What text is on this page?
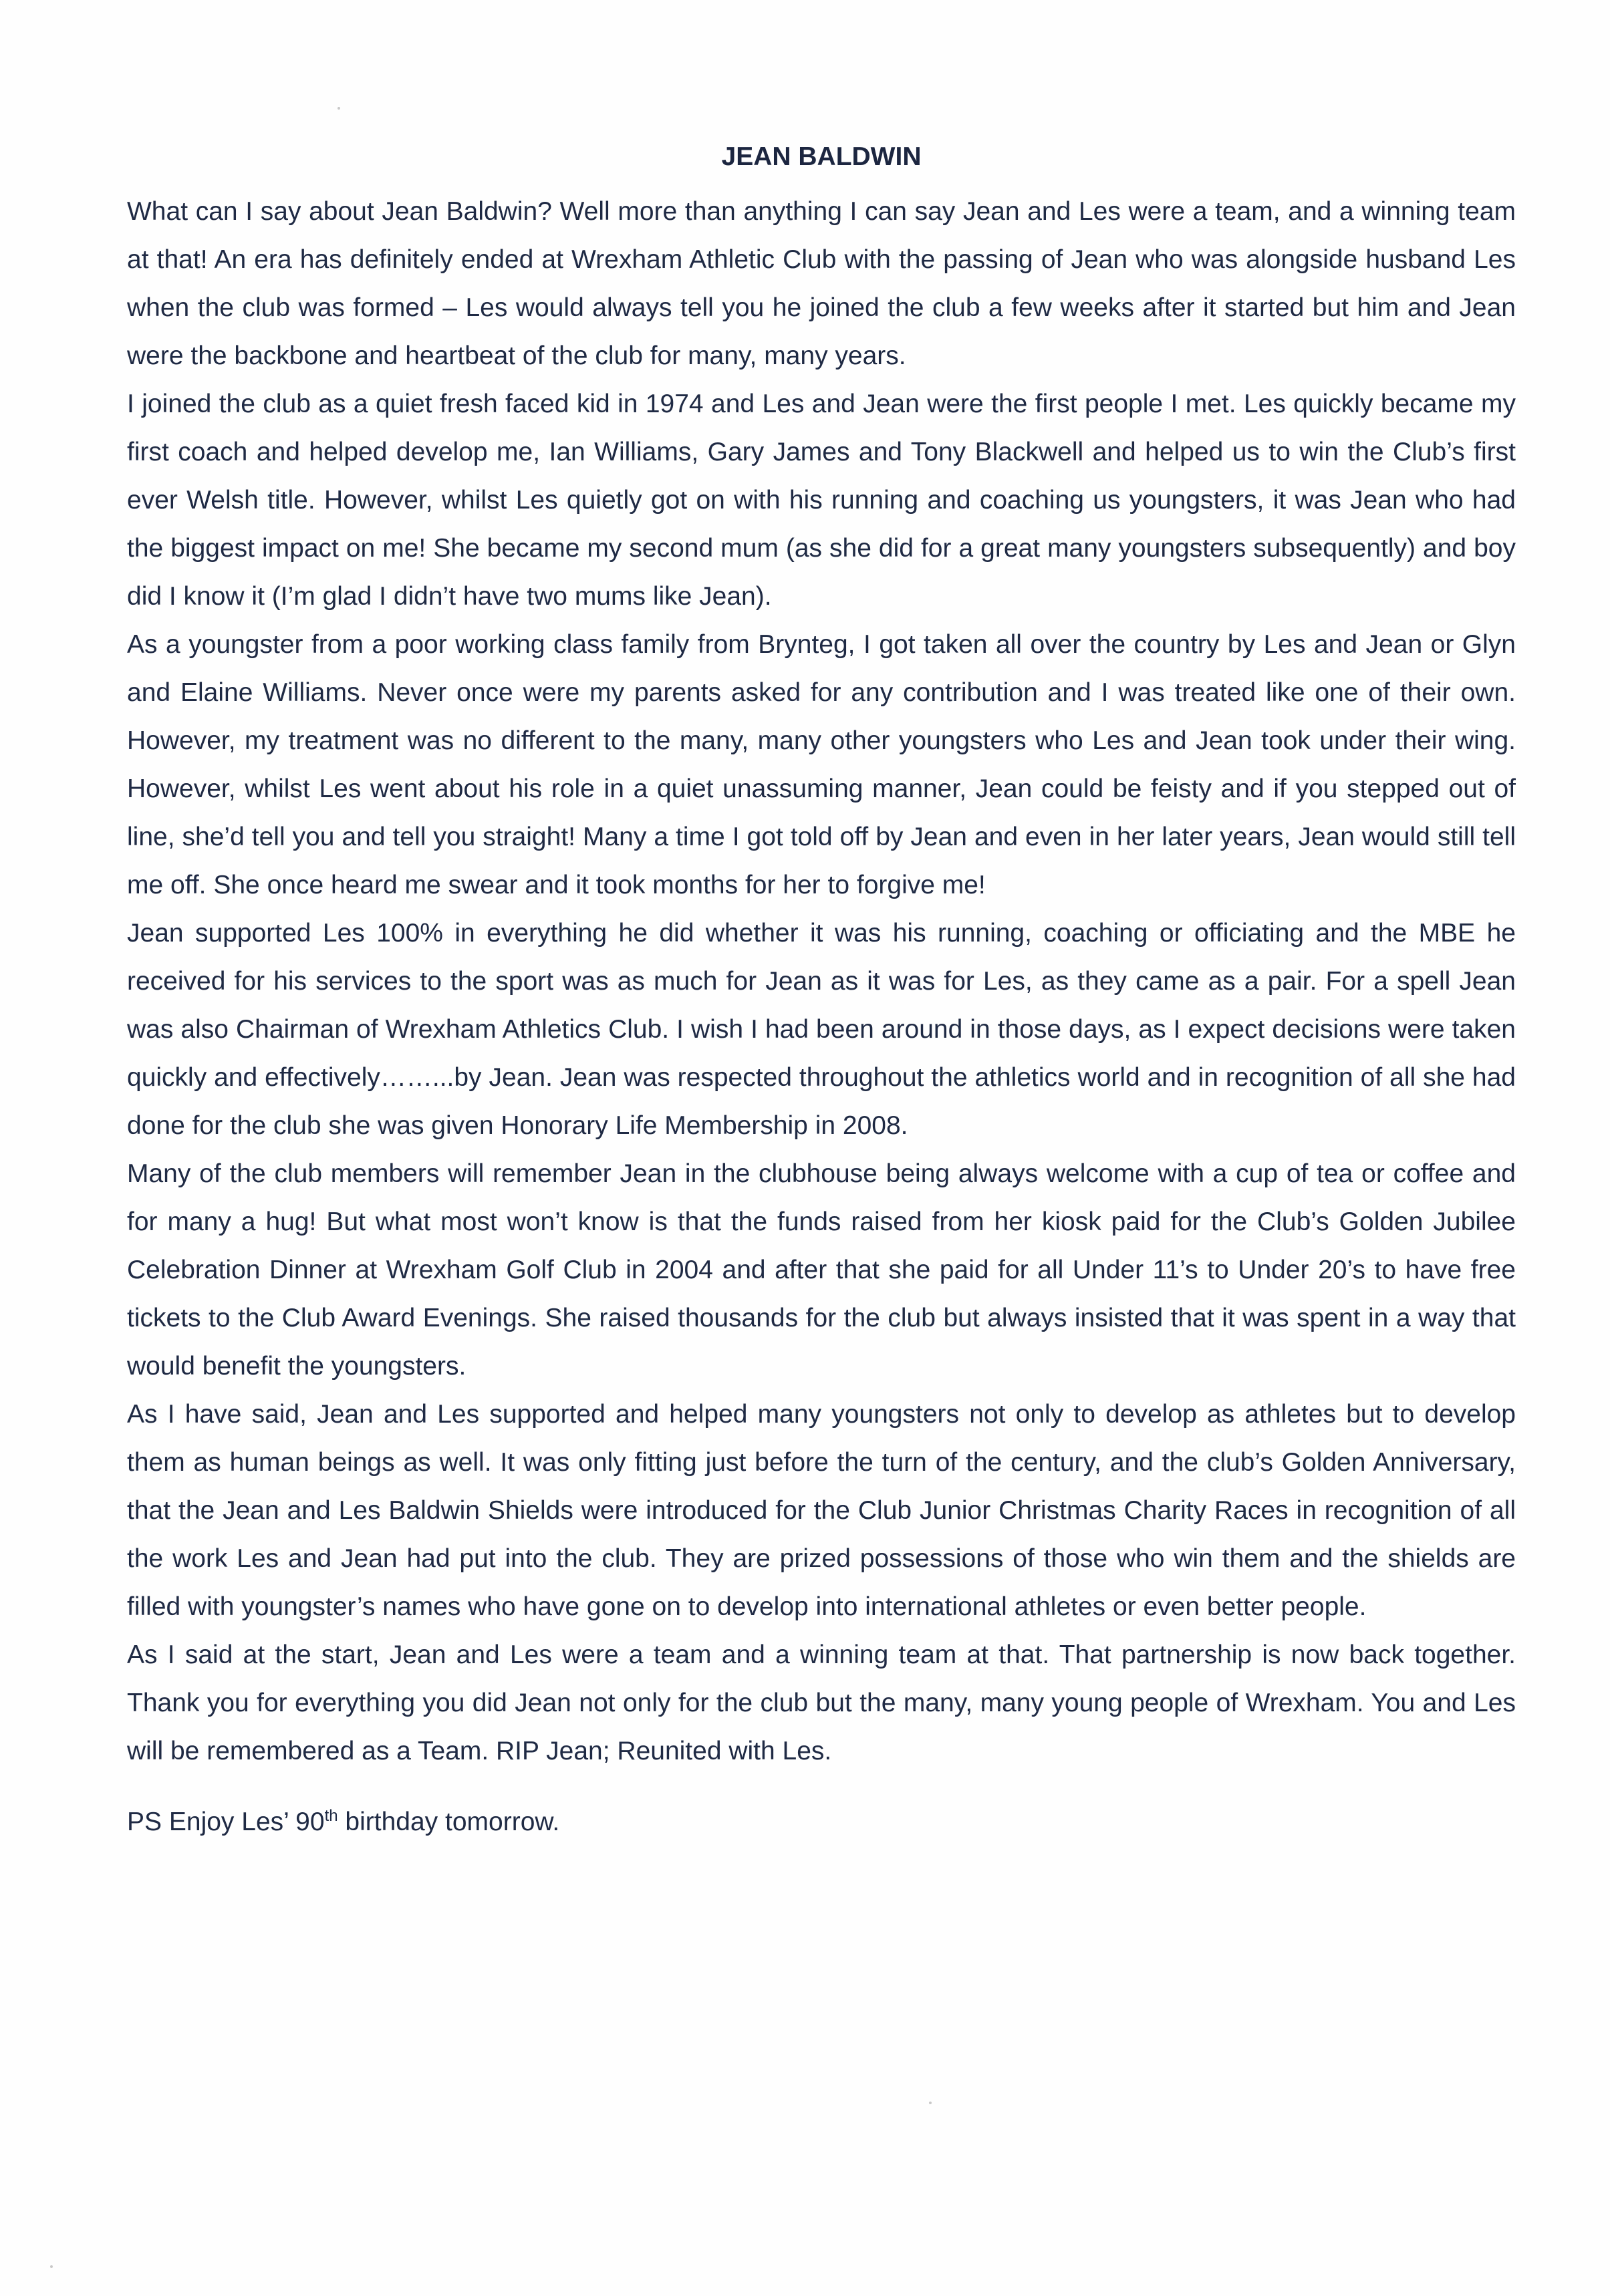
JEAN BALDWIN

What can I say about Jean Baldwin? Well more than anything I can say Jean and Les were a team, and a winning team at that! An era has definitely ended at Wrexham Athletic Club with the passing of Jean who was alongside husband Les when the club was formed – Les would always tell you he joined the club a few weeks after it started but him and Jean were the backbone and heartbeat of the club for many, many years.

I joined the club as a quiet fresh faced kid in 1974 and Les and Jean were the first people I met. Les quickly became my first coach and helped develop me, Ian Williams, Gary James and Tony Blackwell and helped us to win the Club’s first ever Welsh title. However, whilst Les quietly got on with his running and coaching us youngsters, it was Jean who had the biggest impact on me! She became my second mum (as she did for a great many youngsters subsequently) and boy did I know it (I’m glad I didn’t have two mums like Jean).

As a youngster from a poor working class family from Brynteg, I got taken all over the country by Les and Jean or Glyn and Elaine Williams. Never once were my parents asked for any contribution and I was treated like one of their own. However, my treatment was no different to the many, many other youngsters who Les and Jean took under their wing. However, whilst Les went about his role in a quiet unassuming manner, Jean could be feisty and if you stepped out of line, she’d tell you and tell you straight! Many a time I got told off by Jean and even in her later years, Jean would still tell me off. She once heard me swear and it took months for her to forgive me!

Jean supported Les 100% in everything he did whether it was his running, coaching or officiating and the MBE he received for his services to the sport was as much for Jean as it was for Les, as they came as a pair. For a spell Jean was also Chairman of Wrexham Athletics Club. I wish I had been around in those days, as I expect decisions were taken quickly and effectively……...by Jean. Jean was respected throughout the athletics world and in recognition of all she had done for the club she was given Honorary Life Membership in 2008.

Many of the club members will remember Jean in the clubhouse being always welcome with a cup of tea or coffee and for many a hug! But what most won’t know is that the funds raised from her kiosk paid for the Club’s Golden Jubilee Celebration Dinner at Wrexham Golf Club in 2004 and after that she paid for all Under 11’s to Under 20’s to have free tickets to the Club Award Evenings. She raised thousands for the club but always insisted that it was spent in a way that would benefit the youngsters.

As I have said, Jean and Les supported and helped many youngsters not only to develop as athletes but to develop them as human beings as well. It was only fitting just before the turn of the century, and the club’s Golden Anniversary, that the Jean and Les Baldwin Shields were introduced for the Club Junior Christmas Charity Races in recognition of all the work Les and Jean had put into the club. They are prized possessions of those who win them and the shields are filled with youngster’s names who have gone on to develop into international athletes or even better people.

As I said at the start, Jean and Les were a team and a winning team at that. That partnership is now back together. Thank you for everything you did Jean not only for the club but the many, many young people of Wrexham. You and Les will be remembered as a Team. RIP Jean; Reunited with Les.

PS Enjoy Les’ 90th birthday tomorrow.
